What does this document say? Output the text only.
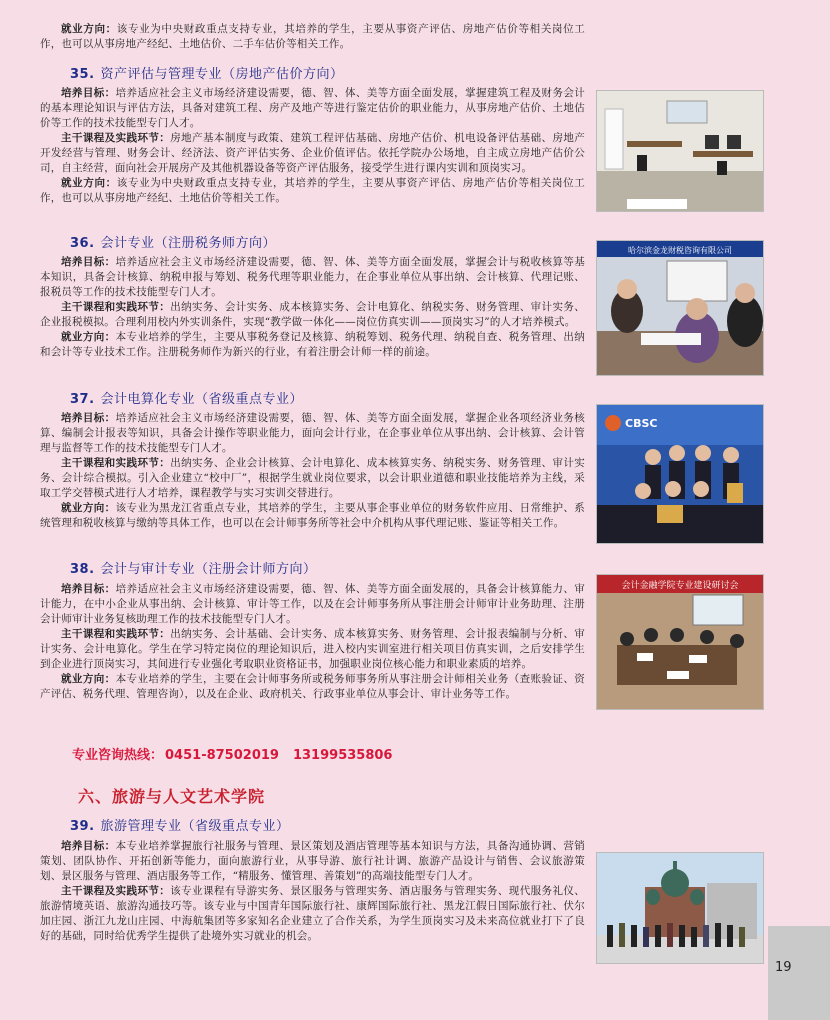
就业方向：该专业为中央财政重点支持专业，其培养的学生，主要从事资产评估、房地产估价等相关岗位工作，也可以从事房地产经纪、土地估价、二手车估价等相关工作。

35. 资产评估与管理专业（房地产估价方向）

培养目标：培养适应社会主义市场经济建设需要，德、智、体、美等方面全面发展，掌握建筑工程及财务会计的基本理论知识与评估方法，具备对建筑工程、房产及地产等进行鉴定估价的职业能力，从事房地产估价、土地估价等工作的技术技能型专门人才。

主干课程及实践环节：房地产基本制度与政策、建筑工程评估基础、房地产估价、机电设备评估基础、房地产开发经营与管理、财务会计、经济法、资产评估实务、企业价值评估。依托学院办公场地，自主成立房地产估价公司，自主经营，面向社会开展房产及其他机器设备等资产评估服务，接受学生进行课内实训和顶岗实习。

就业方向：该专业为中央财政重点支持专业，其培养的学生，主要从事资产评估、房地产估价等相关岗位工作，也可以从事房地产经纪、土地估价等相关工作。

36. 会计专业（注册税务师方向）

培养目标：培养适应社会主义市场经济建设需要，德、智、体、美等方面全面发展，掌握会计与税收核算等基本知识，具备会计核算、纳税申报与筹划、税务代理等职业能力，在企事业单位从事出纳、会计核算、代理记账、报税员等工作的技术技能型专门人才。

主干课程和实践环节：出纳实务、会计实务、成本核算实务、会计电算化、纳税实务、财务管理、审计实务、企业报税模拟。合理利用校内外实训条件，实现“教学做一体化——岗位仿真实训——顶岗实习”的人才培养模式。

就业方向：本专业培养的学生，主要从事税务登记及核算、纳税筹划、税务代理、纳税自查、税务管理、出纳和会计等专业技术工作。注册税务师作为新兴的行业，有着注册会计师一样的前途。

37. 会计电算化专业（省级重点专业）

培养目标：培养适应社会主义市场经济建设需要，德、智、体、美等方面全面发展，掌握企业各项经济业务核算、编制会计报表等知识，具备会计操作等职业能力，面向会计行业，在企事业单位从事出纳、会计核算、会计管理与监督等工作的技术技能型专门人才。

主干课程和实践环节：出纳实务、企业会计核算、会计电算化、成本核算实务、纳税实务、财务管理、审计实务、会计综合模拟。引入企业建立“校中厂”，根据学生就业岗位要求，以会计职业道德和职业技能培养为主线，采取工学交替模式进行人才培养，课程教学与实习实训交替进行。

就业方向：该专业为黑龙江省重点专业，其培养的学生，主要从事企事业单位的财务软件应用、日常维护、系统管理和税收核算与缴纳等具体工作，也可以在会计师事务所等社会中介机构从事代理记账、鉴证等相关工作。

38. 会计与审计专业（注册会计师方向）

培养目标：培养适应社会主义市场经济建设需要，德、智、体、美等方面全面发展的，具备会计核算能力、审计能力，在中小企业从事出纳、会计核算、审计等工作，以及在会计师事务所从事注册会计师审计业务助理、注册会计师审计业务复核助理工作的技术技能型专门人才。

主干课程和实践环节：出纳实务、会计基础、会计实务、成本核算实务、财务管理、会计报表编制与分析、审计实务、会计电算化。学生在学习特定岗位的理论知识后，进入校内实训室进行相关项目仿真实训，之后安排学生到企业进行顶岗实习，其间进行专业强化考取职业资格证书，加强职业岗位核心能力和职业素质的培养。

就业方向：本专业培养的学生，主要在会计师事务所或税务师事务所从事注册会计师相关业务（查账验证、资产评估、税务代理、管理咨询），以及在企业、政府机关、行政事业单位从事会计、审计业务等工作。

专业咨询热线： 0451-87502019 13199535806
六、旅游与人文艺术学院
39. 旅游管理专业（省级重点专业）

培养目标：本专业培养掌握旅行社服务与管理、景区策划及酒店管理等基本知识与方法，具备沟通协调、营销策划、团队协作、开拓创新等能力，面向旅游行业，从事导游、旅行社计调、旅游产品设计与销售、会议旅游策划、景区服务与管理、酒店服务等工作，“精服务、懂管理、善策划”的高端技能型专门人才。

主干课程及实践环节：该专业课程有导游实务、景区服务与管理实务、酒店服务与管理实务、现代服务礼仪、旅游情境英语、旅游沟通技巧等。该专业与中国青年国际旅行社、康辉国际旅行社、黑龙江假日国际旅行社、伏尔加庄园、浙江九龙山庄园、中海航集团等多家知名企业建立了合作关系，为学生顶岗实习及未来高位就业打下了良好的基础，同时给优秀学生提供了赴境外实习就业的机会。

哈尔滨金龙财税咨询有限公司
CBSC
会计金融学院专业建设研讨会
19
